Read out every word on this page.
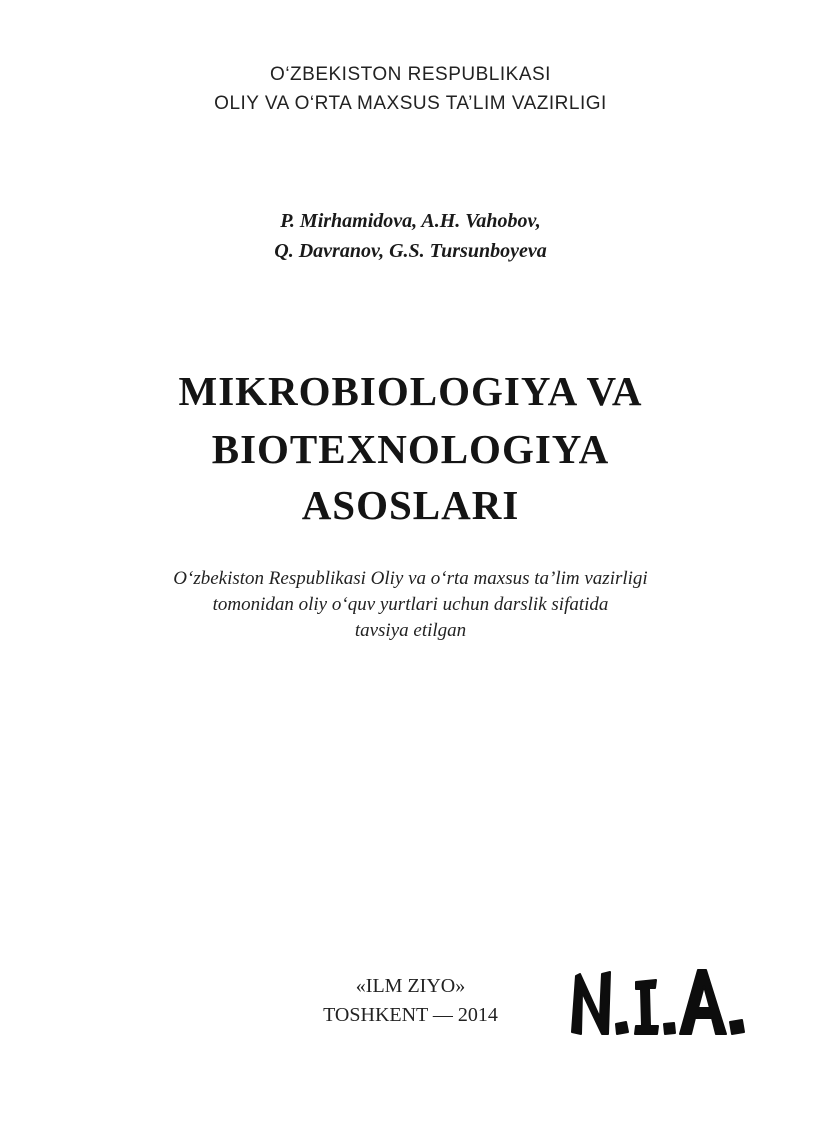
O‘ZBEKISTON RESPUBLIKASI
OLIY VA O‘RTA MAXSUS TA’LIM VAZIRLIGI
P. Mirhamidova, A.H. Vahobov,
Q. Davranov, G.S. Tursunboyeva
MIKROBIOLOGIYA VA
BIOTEXNOLOGIYA
ASOSLARI
O‘zbekiston Respublikasi Oliy va o‘rta maxsus ta’lim vazirligi
tomonidan oliy o‘quv yurtlari uchun darslik sifatida
tavsiya etilgan
«ILM ZIYO»
TOSHKENT — 2014
